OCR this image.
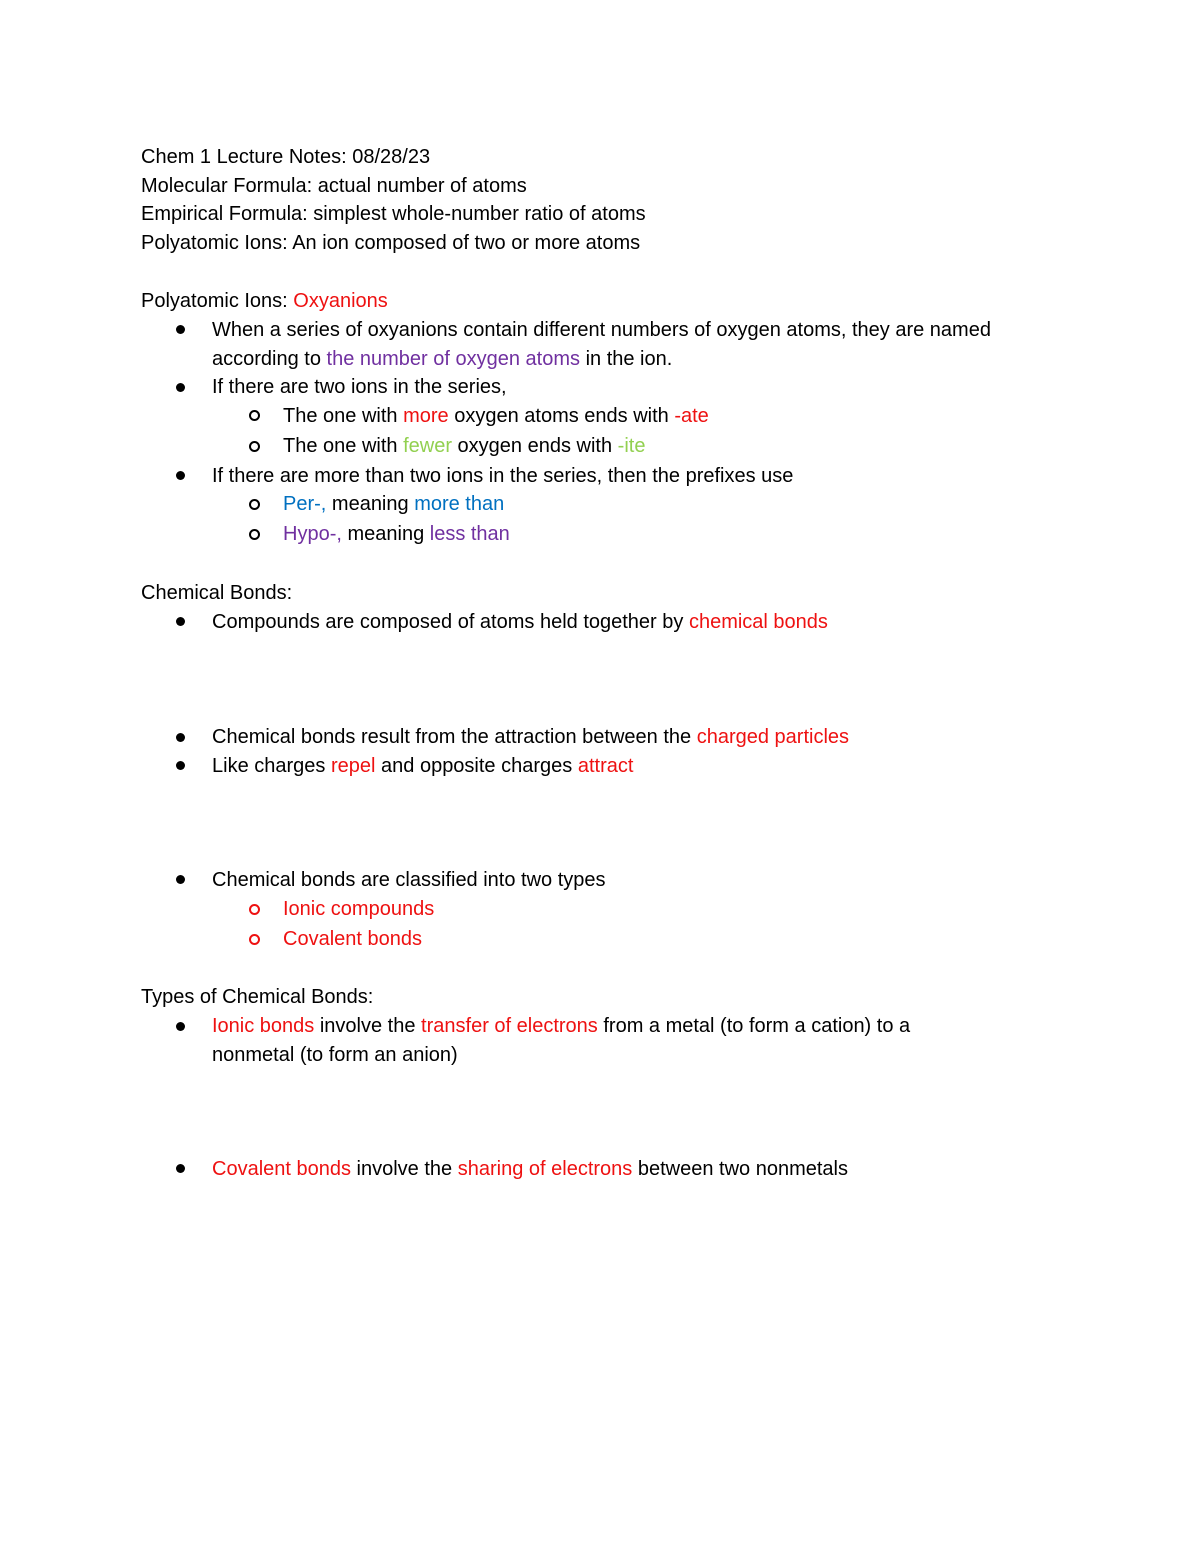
Chem 1 Lecture Notes: 08/28/23
Molecular Formula: actual number of atoms
Empirical Formula: simplest whole-number ratio of atoms
Polyatomic Ions: An ion composed of two or more atoms
Polyatomic Ions: Oxyanions
When a series of oxyanions contain different numbers of oxygen atoms, they are named
according to the number of oxygen atoms in the ion.
If there are two ions in the series,
The one with more oxygen atoms ends with -ate
The one with fewer oxygen ends with -ite
If there are more than two ions in the series, then the prefixes use
Per-, meaning more than
Hypo-, meaning less than
Chemical Bonds:
Compounds are composed of atoms held together by chemical bonds
Chemical bonds result from the attraction between the charged particles
Like charges repel and opposite charges attract
Chemical bonds are classified into two types
Ionic compounds
Covalent bonds
Types of Chemical Bonds:
Ionic bonds involve the transfer of electrons from a metal (to form a cation) to a
nonmetal (to form an anion)
Covalent bonds involve the sharing of electrons between two nonmetals
